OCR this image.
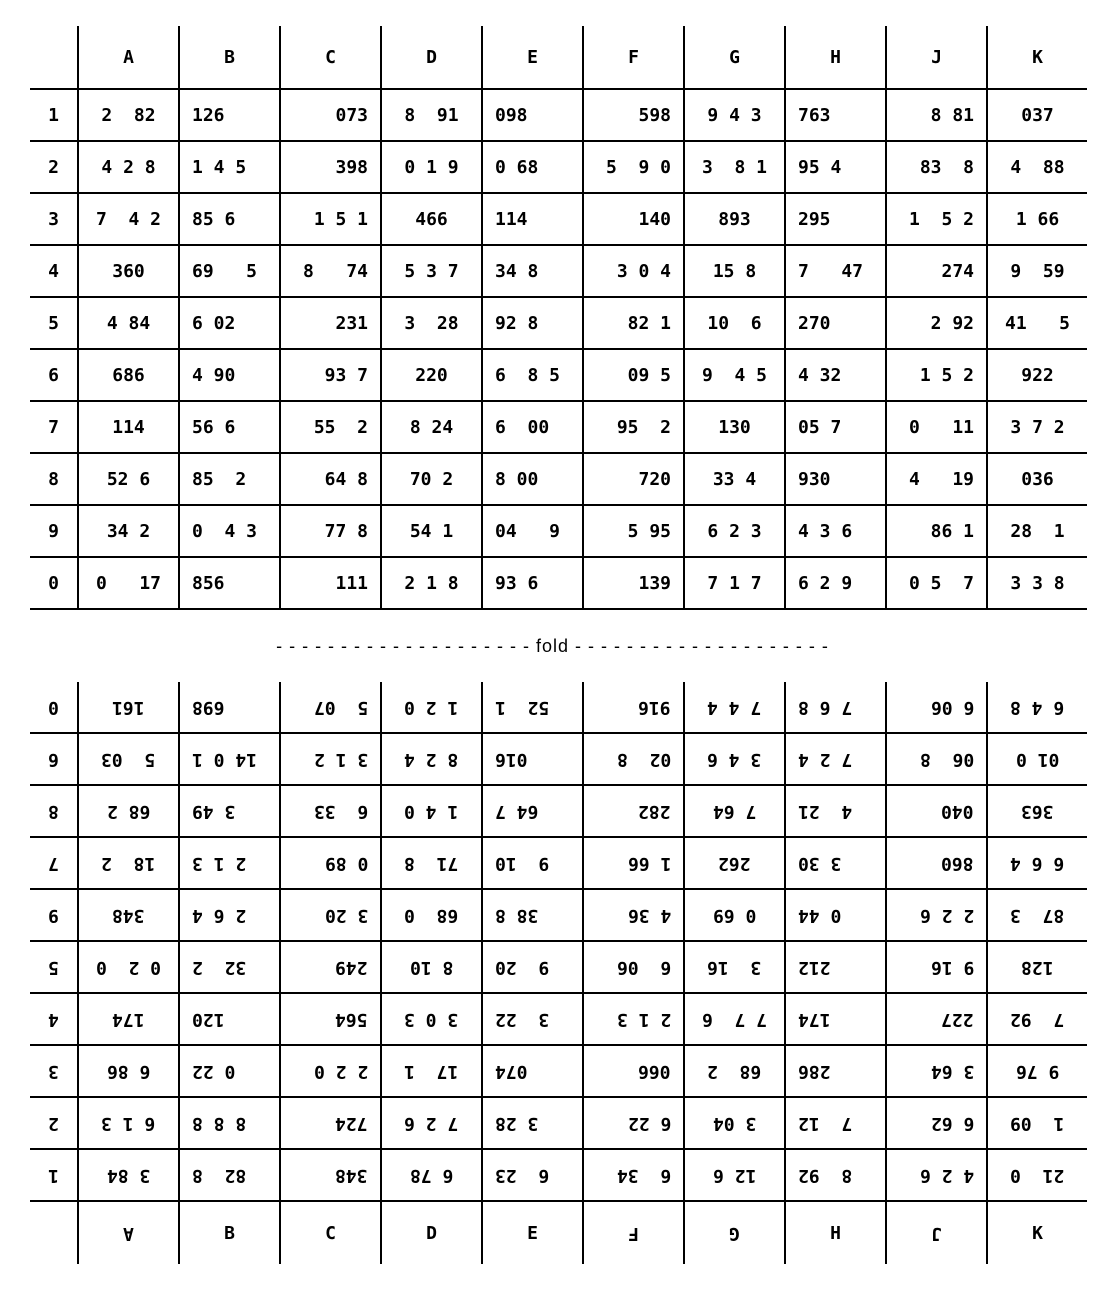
	A	B	C	D	E	F	G	H	J	K
1	2  82	126	073	8  91	098	598	9 4 3	763	8 81	037
2	4 2 8	1 4 5	398	0 1 9	0 68	5  9 0	3  8 1	95 4	83  8	4  88
3	7  4 2	85 6	1 5 1	466	114	140	893	295	1  5 2	1 66
4	360	69   5	8   74	5 3 7	34 8	3 0 4	15 8	7   47	274	9  59
5	4 84	6 02	231	3  28	92 8	82 1	10  6	270	2 92	41   5
6	686	4 90	93 7	220	6  8 5	09 5	9  4 5	4 32	1 5 2	922
7	114	56 6	55  2	8 24	6  00	95  2	130	05 7	0   11	3 7 2
8	52 6	85  2	64 8	70 2	8 00	720	33 4	930	4   19	036
9	34 2	0  4 3	77 8	54 1	04   9	5 95	6 2 3	4 3 6	86 1	28  1
0	0   17	856	111	2 1 8	93 6	139	7 1 7	6 2 9	0 5  7	3 3 8
- - - - - - - - - - - - - - - - - - - - fold - - - - - - - - - - - - - - - - - - - -
0	161	698	5  07	1 2 0	52  1	916	7 4 4	7 6 8	6 06	6 4 8
6	5  03	14 0 1	3 1 2	8 2 4	016	02  8	3 4 6	7 2 4	06  8	01 0
8	68 2	3 49	6  33	1 4 0	64 7	282	7 64	4  21	040	363
7	18  2	2 1 3	0 89	71  8	9  10	1 66	262	3 30	860	6 6 4
9	348	2 6 4	3 20	68  0	38 8	4 36	0 69	0 44	2 2 6	87  3
5	0 2  0	32  2	249	8 10	9  20	6  06	3  16	212	9 16	128
4	174	120	564	3 0 3	3  22	2 1 3	7 7  6	174	227	7  92
3	6 86	0 22	2 2 0	17  1	074	066	68  2	286	3 64	9 76
2	6 1 3	8 8 8	724	7 2 6	3 28	6 22	3 04	7  12	6 62	1  09
1	3 84	82  8	348	6 78	6  23	6  34	12 6	8  92	4 2 6	21  0
	A	B	C	D	E	F	G	H	J	K
